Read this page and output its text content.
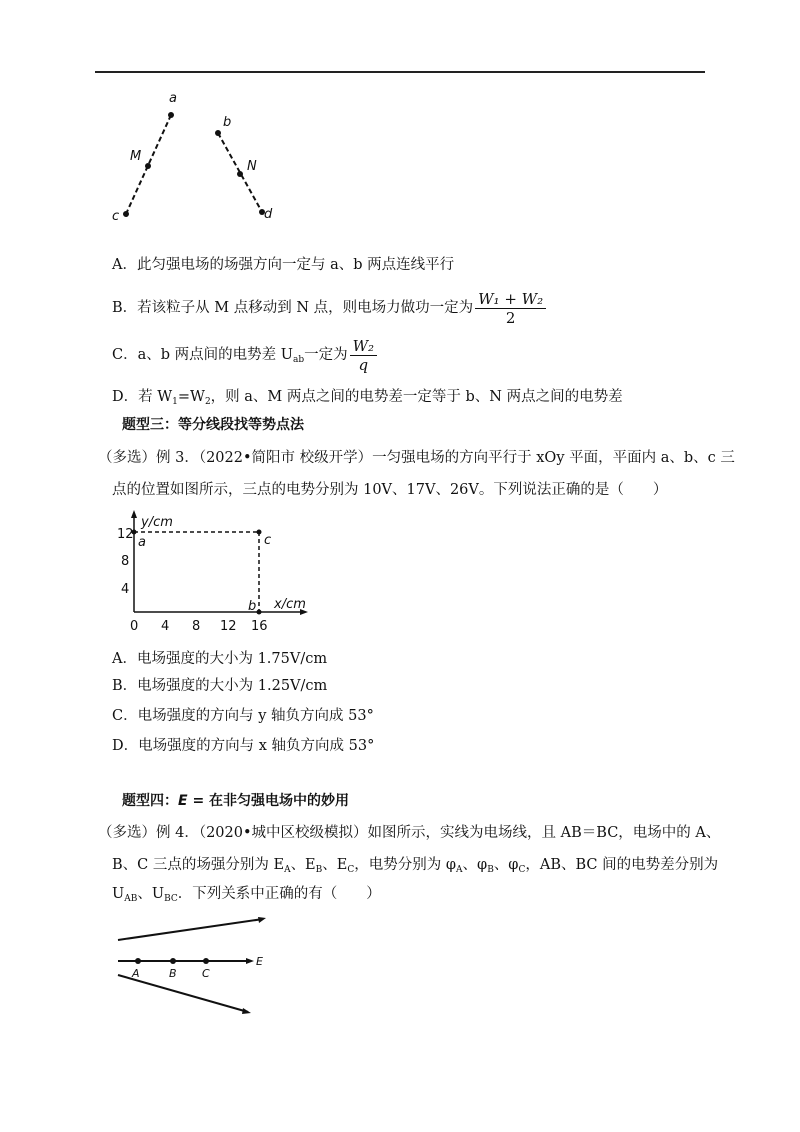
a
M
c
b
N
d
A．此匀强电场的场强方向一定与 a、b 两点连线平行
B．若该粒子从 M 点移动到 N 点，则电场力做功一定为 $\frac{\text{W₁ + W₂}}{2}$
C．a、b 两点间的电势差 $U_{ab}$一定为 $\frac{\text{W₂}}{q}$
D．若 $W_1=W_2$，则 a、M 两点之间的电势差一定等于 b、N 两点之间的电势差
题型三：等分线段找等势点法
（多选）例 3．（2022•简阳市 校级开学）一匀强电场的方向平行于 xOy 平面，平面内 a、b、c 三
点的位置如图所示，三点的电势分别为 10V、17V、26V。下列说法正确的是（　　）
y/cm
x/cm
a	c
b
12
8
4
0 4 8 12 16
A．电场强度的大小为 1.75V/cm
B．电场强度的大小为 1.25V/cm
C．电场强度的方向与 y 轴负方向成 53°
D．电场强度的方向与 x 轴负方向成 53°
题型四：E = 在非匀强电场中的妙用
（多选）例 4．（2020•城中区校级模拟）如图所示，实线为电场线，且 AB＝BC，电场中的 A、
B、C 三点的场强分别为 $E_A$、$E_B$、$E_C$，电势分别为 $\varphi_A$、$\varphi_B$、$\varphi_C$，AB、BC 间的电势差分别为
$U_{AB}$、$U_{BC}$．下列关系中正确的有（　　）
A	B C
E
